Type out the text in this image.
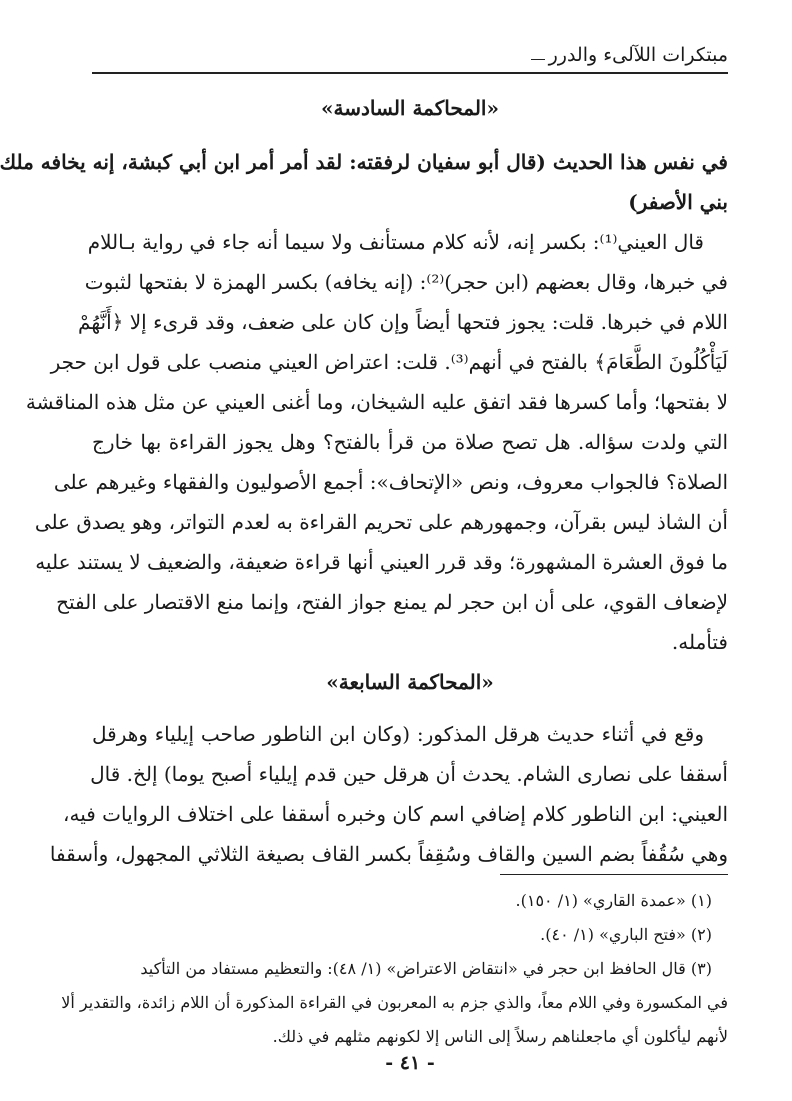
مبتكرات اللآلىء والدرر
«المحاكمة السادسة»
في نفس هذا الحديث (قال أبو سفيان لرفقته: لقد أمر أمر ابن أبي كبشة، إنه يخافه ملك
بني الأصفر)
قال العيني⁽¹⁾: بكسر إنه، لأنه كلام مستأنف ولا سيما أنه جاء في رواية بـاللام
في خبرها، وقال بعضهم (ابن حجر)⁽²⁾: (إنه يخافه) بكسر الهمزة لا بفتحها لثبوت
اللام في خبرها. قلت: يجوز فتحها أيضاً وإن كان على ضعف، وقد قرىء إلا ﴿أَنَّهُمْ
لَيَأْكُلُونَ الطَّعَامَ﴾ بالفتح في أنهم⁽³⁾. قلت: اعتراض العيني منصب على قول ابن حجر
لا بفتحها؛ وأما كسرها فقد اتفق عليه الشيخان، وما أغنى العيني عن مثل هذه المناقشة
التي ولدت سؤاله. هل تصح صلاة من قرأ بالفتح؟ وهل يجوز القراءة بها خارج
الصلاة؟ فالجواب معروف، ونص «الإتحاف»: أجمع الأصوليون والفقهاء وغيرهم على
أن الشاذ ليس بقرآن، وجمهورهم على تحريم القراءة به لعدم التواتر، وهو يصدق على
ما فوق العشرة المشهورة؛ وقد قرر العيني أنها قراءة ضعيفة، والضعيف لا يستند عليه
لإضعاف القوي، على أن ابن حجر لم يمنع جواز الفتح، وإنما منع الاقتصار على الفتح
فتأمله.
«المحاكمة السابعة»
وقع في أثناء حديث هرقل المذكور: (وكان ابن الناطور صاحب إيلياء وهرقل
أسقفا على نصارى الشام. يحدث أن هرقل حين قدم إيلياء أصبح يوما) إلخ. قال
العيني: ابن الناطور كلام إضافي اسم كان وخبره أسقفا على اختلاف الروايات فيه،
وهي سُقُفاً بضم السين والقاف وسُقِفاً بكسر القاف بصيغة الثلاثي المجهول، وأسقفا
(١) «عمدة القاري» (١/ ١٥٠).
(٢) «فتح الباري» (١/ ٤٠).
(٣) قال الحافظ ابن حجر في «انتقاض الاعتراض» (١/ ٤٨): والتعظيم مستفاد من التأكيد
في المكسورة وفي اللام معاً، والذي جزم به المعربون في القراءة المذكورة أن اللام زائدة، والتقدير ألا
لأنهم ليأكلون أي ماجعلناهم رسلاً إلى الناس إلا لكونهم مثلهم في ذلك.
- ٤١ -
